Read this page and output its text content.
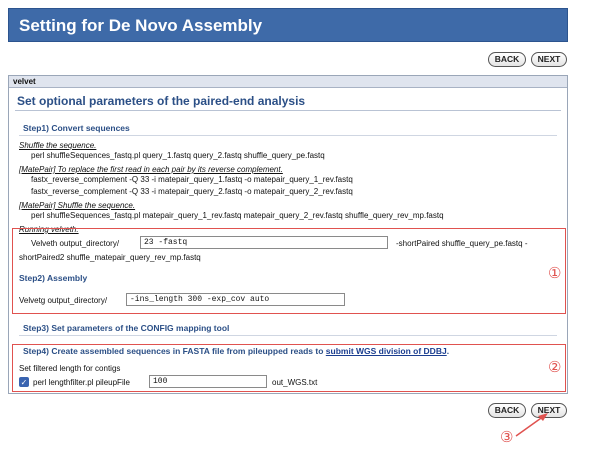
Setting for De Novo Assembly
BACK	NEXT
velvet
Set optional parameters of the paired-end analysis
Step1) Convert sequences
Shuffle the sequence.
perl shuffleSequences_fastq.pl query_1.fastq query_2.fastq shuffle_query_pe.fastq
[MatePair] To replace the first read in each pair by its reverse complement.
fastx_reverse_complement -Q 33 -i matepair_query_1.fastq -o matepair_query_1_rev.fastq
fastx_reverse_complement -Q 33 -i matepair_query_2.fastq -o matepair_query_2_rev.fastq
[MatePair] Shuffle the sequence.
perl shuffleSequences_fastq.pl matepair_query_1_rev.fastq matepair_query_2_rev.fastq shuffle_query_rev_mp.fastq
Running velveth.
Velveth output_directory/	23 -fastq	-shortPaired shuffle_query_pe.fastq -
shortPaired2 shuffle_matepair_query_rev_mp.fastq
Step2) Assembly
Velvetg output_directory/	-ins_length 300 -exp_cov auto
Step3) Set parameters of the CONFIG mapping tool
Step4) Create assembled sequences in FASTA file from pileupped reads to submit WGS division of DDBJ.
Set filtered length for contigs
✓ perl lengthfilter.pl pileupFile	100	out_WGS.txt
①
②
BACK	NEXT
③
